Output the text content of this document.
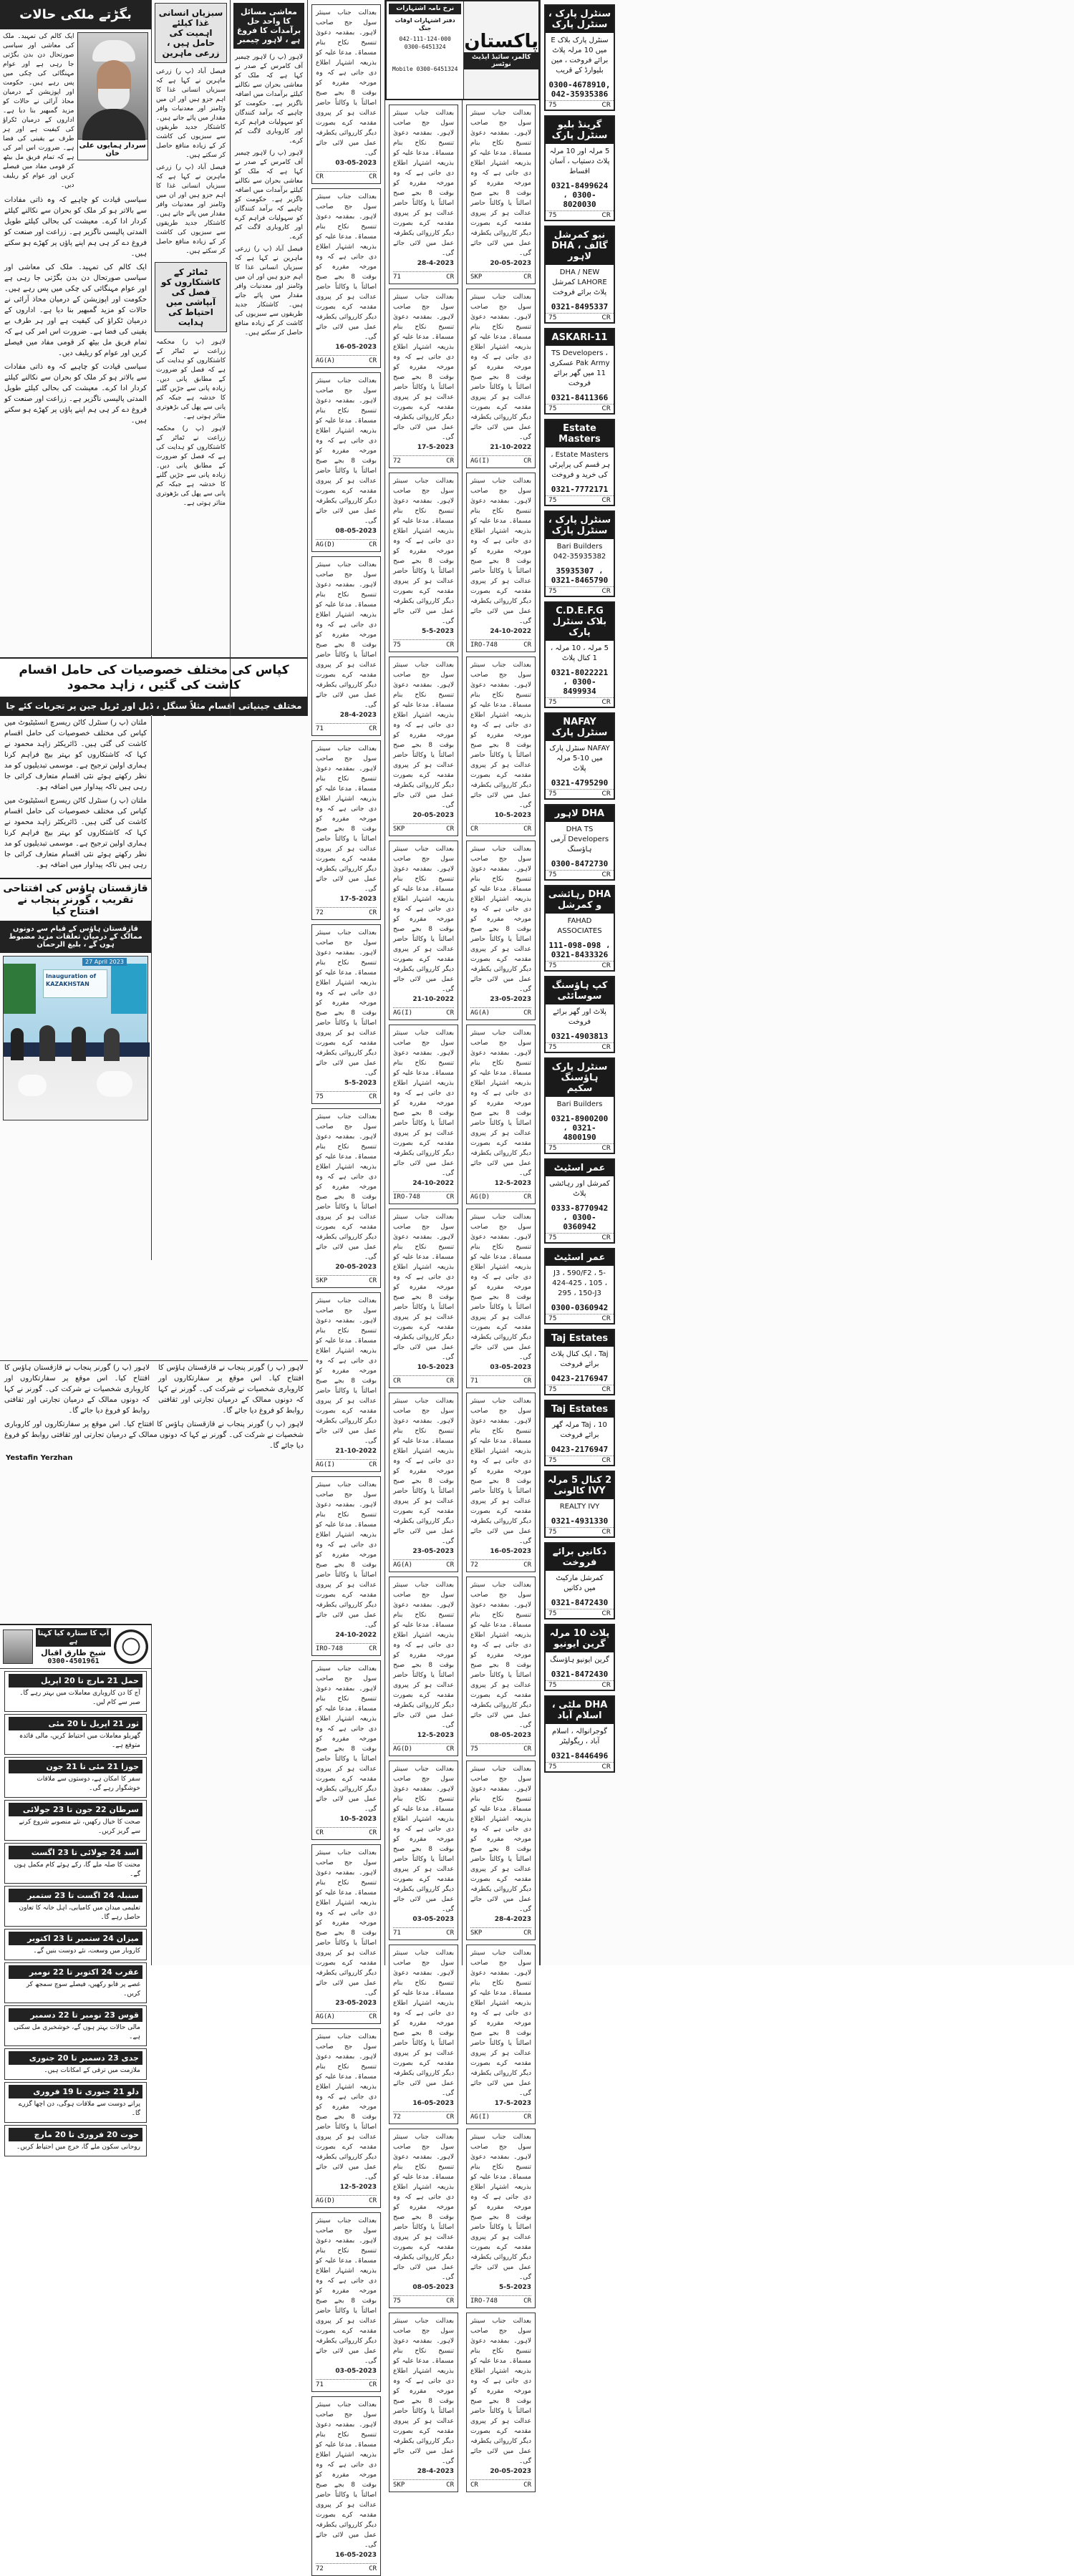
بگڑتے ملکی حالات
ایک کالم کی تمہید۔ ملک کی معاشی اور سیاسی صورتحال دن بدن بگڑتی جا رہی ہے اور عوام مہنگائی کی چکی میں پس رہے ہیں۔ حکومت اور اپوزیشن کے درمیان محاذ آرائی نے حالات کو مزید گمبھیر بنا دیا ہے۔ اداروں کے درمیان ٹکراؤ کی کیفیت ہے اور ہر طرف بے یقینی کی فضا ہے۔ ضرورت اس امر کی ہے کہ تمام فریق مل بیٹھ کر قومی مفاد میں فیصلے کریں اور عوام کو ریلیف دیں۔
سردار ہمایوں علی خان
سیاسی قیادت کو چاہیے کہ وہ ذاتی مفادات سے بالاتر ہو کر ملک کو بحران سے نکالنے کیلئے کردار ادا کرے۔ معیشت کی بحالی کیلئے طویل المدتی پالیسی ناگزیر ہے۔ زراعت اور صنعت کو فروغ دے کر ہی ہم اپنے پاؤں پر کھڑے ہو سکتے ہیں۔
ایک کالم کی تمہید۔ ملک کی معاشی اور سیاسی صورتحال دن بدن بگڑتی جا رہی ہے اور عوام مہنگائی کی چکی میں پس رہے ہیں۔ حکومت اور اپوزیشن کے درمیان محاذ آرائی نے حالات کو مزید گمبھیر بنا دیا ہے۔ اداروں کے درمیان ٹکراؤ کی کیفیت ہے اور ہر طرف بے یقینی کی فضا ہے۔ ضرورت اس امر کی ہے کہ تمام فریق مل بیٹھ کر قومی مفاد میں فیصلے کریں اور عوام کو ریلیف دیں۔
سیاسی قیادت کو چاہیے کہ وہ ذاتی مفادات سے بالاتر ہو کر ملک کو بحران سے نکالنے کیلئے کردار ادا کرے۔ معیشت کی بحالی کیلئے طویل المدتی پالیسی ناگزیر ہے۔ زراعت اور صنعت کو فروغ دے کر ہی ہم اپنے پاؤں پر کھڑے ہو سکتے ہیں۔
کپاس کی مختلف خصوصیات کی حامل اقسام کاشت کی گئیں ، زاہد محمود
مختلف جینیاتی اقسام مثلاً سنگل ، ڈبل اور ٹرپل جین پر تجربات کئے جا
سبزیاں انسانی غذا کیلئے اہمیت کی حامل ہیں ، زرعی ماہرین
فیصل آباد (پ ر) زرعی ماہرین نے کہا ہے کہ سبزیاں انسانی غذا کا اہم جزو ہیں اور ان میں وٹامنز اور معدنیات وافر مقدار میں پائے جاتے ہیں۔ کاشتکار جدید طریقوں سے سبزیوں کی کاشت کر کے زیادہ منافع حاصل کر سکتے ہیں۔
فیصل آباد (پ ر) زرعی ماہرین نے کہا ہے کہ سبزیاں انسانی غذا کا اہم جزو ہیں اور ان میں وٹامنز اور معدنیات وافر مقدار میں پائے جاتے ہیں۔ کاشتکار جدید طریقوں سے سبزیوں کی کاشت کر کے زیادہ منافع حاصل کر سکتے ہیں۔
ٹماٹر کے کاشتکاروں کو فصل کی آبپاشی میں احتیاط کی ہدایت
لاہور (پ ر) محکمہ زراعت نے ٹماٹر کے کاشتکاروں کو ہدایت کی ہے کہ فصل کو ضرورت کے مطابق پانی دیں۔ زیادہ پانی سے جڑیں گلنے کا خدشہ ہے جبکہ کم پانی سے پھل کی بڑھوتری متاثر ہوتی ہے۔
لاہور (پ ر) محکمہ زراعت نے ٹماٹر کے کاشتکاروں کو ہدایت کی ہے کہ فصل کو ضرورت کے مطابق پانی دیں۔ زیادہ پانی سے جڑیں گلنے کا خدشہ ہے جبکہ کم پانی سے پھل کی بڑھوتری متاثر ہوتی ہے۔
معاشی مسائل کا واحد حل برآمدات کا فروغ ہے ، لاہور چیمبر
لاہور (پ ر) لاہور چیمبر آف کامرس کے صدر نے کہا ہے کہ ملک کو معاشی بحران سے نکالنے کیلئے برآمدات میں اضافہ ناگزیر ہے۔ حکومت کو چاہیے کہ برآمد کنندگان کو سہولیات فراہم کرے اور کاروباری لاگت کم کرے۔
لاہور (پ ر) لاہور چیمبر آف کامرس کے صدر نے کہا ہے کہ ملک کو معاشی بحران سے نکالنے کیلئے برآمدات میں اضافہ ناگزیر ہے۔ حکومت کو چاہیے کہ برآمد کنندگان کو سہولیات فراہم کرے اور کاروباری لاگت کم کرے۔
فیصل آباد (پ ر) زرعی ماہرین نے کہا ہے کہ سبزیاں انسانی غذا کا اہم جزو ہیں اور ان میں وٹامنز اور معدنیات وافر مقدار میں پائے جاتے ہیں۔ کاشتکار جدید طریقوں سے سبزیوں کی کاشت کر کے زیادہ منافع حاصل کر سکتے ہیں۔
ملتان (پ ر) سنٹرل کاٹن ریسرچ انسٹیٹیوٹ میں کپاس کی مختلف خصوصیات کی حامل اقسام کاشت کی گئی ہیں۔ ڈائریکٹر زاہد محمود نے کہا کہ کاشتکاروں کو بہتر بیج فراہم کرنا ہماری اولین ترجیح ہے۔ موسمی تبدیلیوں کو مد نظر رکھتے ہوئے نئی اقسام متعارف کرائی جا رہی ہیں تاکہ پیداوار میں اضافہ ہو۔
ملتان (پ ر) سنٹرل کاٹن ریسرچ انسٹیٹیوٹ میں کپاس کی مختلف خصوصیات کی حامل اقسام کاشت کی گئی ہیں۔ ڈائریکٹر زاہد محمود نے کہا کہ کاشتکاروں کو بہتر بیج فراہم کرنا ہماری اولین ترجیح ہے۔ موسمی تبدیلیوں کو مد نظر رکھتے ہوئے نئی اقسام متعارف کرائی جا رہی ہیں تاکہ پیداوار میں اضافہ ہو۔
قازقستان ہاؤس کی افتتاحی تقریب ، گورنر پنجاب نے افتتاح کیا
قازقستان ہاؤس کے قیام سے دونوں ممالک کے درمیان تعلقات مزید مضبوط ہوں گے ، بلیغ الرحمان
Inauguration of KAZAKHSTAN
27 April 2023
لاہور (پ ر) گورنر پنجاب نے قازقستان ہاؤس کا افتتاح کیا۔ اس موقع پر سفارتکاروں اور کاروباری شخصیات نے شرکت کی۔ گورنر نے کہا کہ دونوں ممالک کے درمیان تجارتی اور ثقافتی روابط کو فروغ دیا جائے گا۔
لاہور (پ ر) گورنر پنجاب نے قازقستان ہاؤس کا افتتاح کیا۔ اس موقع پر سفارتکاروں اور کاروباری شخصیات نے شرکت کی۔ گورنر نے کہا کہ دونوں ممالک کے درمیان تجارتی اور ثقافتی روابط کو فروغ دیا جائے گا۔
لاہور (پ ر) گورنر پنجاب نے قازقستان ہاؤس کا افتتاح کیا۔ اس موقع پر سفارتکاروں اور کاروباری شخصیات نے شرکت کی۔ گورنر نے کہا کہ دونوں ممالک کے درمیان تجارتی اور ثقافتی روابط کو فروغ دیا جائے گا۔
Yestafin Yerzhan
آپ کا ستارہ کیا کہتا ہے
شیخ طارق اقبال
0300-4501961
حمل 21 مارچ تا 20 اپریل
آج کا دن کاروباری معاملات میں بہتر رہے گا۔ صبر سے کام لیں۔
ثور 21 اپریل تا 20 مئی
گھریلو معاملات میں احتیاط کریں، مالی فائدہ متوقع ہے۔
جوزا 21 مئی تا 21 جون
سفر کا امکان ہے، دوستوں سے ملاقات خوشگوار رہے گی۔
سرطان 22 جون تا 23 جولائی
صحت کا خیال رکھیں، نئے منصوبے شروع کرنے سے گریز کریں۔
اسد 24 جولائی تا 23 اگست
محنت کا صلہ ملے گا، رکے ہوئے کام مکمل ہوں گے۔
سنبلہ 24 اگست تا 23 ستمبر
تعلیمی میدان میں کامیابی، اہل خانہ کا تعاون حاصل رہے گا۔
میزان 24 ستمبر تا 23 اکتوبر
کاروبار میں وسعت، نئے دوست بنیں گے۔
عقرب 24 اکتوبر تا 22 نومبر
غصے پر قابو رکھیں، فیصلے سوچ سمجھ کر کریں۔
قوس 23 نومبر تا 22 دسمبر
مالی حالات بہتر ہوں گے، خوشخبری مل سکتی ہے۔
جدی 23 دسمبر تا 20 جنوری
ملازمت میں ترقی کے امکانات ہیں۔
دلو 21 جنوری تا 19 فروری
پرانے دوست سے ملاقات ہوگی، دن اچھا گزرے گا۔
حوت 20 فروری تا 20 مارچ
روحانی سکون ملے گا، خرچ میں احتیاط کریں۔
بعدالت جناب سینئر سول جج صاحب لاہور۔ بمقدمہ دعویٰ تنسیخ نکاح بنام مسماۃ۔ مدعا علیہ کو بذریعہ اشتہار اطلاع دی جاتی ہے کہ وہ مورخہ مقررہ کو بوقت 8 بجے صبح اصالتاً یا وکالتاً حاضر عدالت ہو کر پیروی مقدمہ کرے بصورت دیگر کارروائی یکطرفہ عمل میں لائی جائے گی۔
03-05-2023
CR	CR
بعدالت جناب سینئر سول جج صاحب لاہور۔ بمقدمہ دعویٰ تنسیخ نکاح بنام مسماۃ۔ مدعا علیہ کو بذریعہ اشتہار اطلاع دی جاتی ہے کہ وہ مورخہ مقررہ کو بوقت 8 بجے صبح اصالتاً یا وکالتاً حاضر عدالت ہو کر پیروی مقدمہ کرے بصورت دیگر کارروائی یکطرفہ عمل میں لائی جائے گی۔
16-05-2023
AG(A)	CR
بعدالت جناب سینئر سول جج صاحب لاہور۔ بمقدمہ دعویٰ تنسیخ نکاح بنام مسماۃ۔ مدعا علیہ کو بذریعہ اشتہار اطلاع دی جاتی ہے کہ وہ مورخہ مقررہ کو بوقت 8 بجے صبح اصالتاً یا وکالتاً حاضر عدالت ہو کر پیروی مقدمہ کرے بصورت دیگر کارروائی یکطرفہ عمل میں لائی جائے گی۔
08-05-2023
AG(D)	CR
بعدالت جناب سینئر سول جج صاحب لاہور۔ بمقدمہ دعویٰ تنسیخ نکاح بنام مسماۃ۔ مدعا علیہ کو بذریعہ اشتہار اطلاع دی جاتی ہے کہ وہ مورخہ مقررہ کو بوقت 8 بجے صبح اصالتاً یا وکالتاً حاضر عدالت ہو کر پیروی مقدمہ کرے بصورت دیگر کارروائی یکطرفہ عمل میں لائی جائے گی۔
28-4-2023
71	CR
بعدالت جناب سینئر سول جج صاحب لاہور۔ بمقدمہ دعویٰ تنسیخ نکاح بنام مسماۃ۔ مدعا علیہ کو بذریعہ اشتہار اطلاع دی جاتی ہے کہ وہ مورخہ مقررہ کو بوقت 8 بجے صبح اصالتاً یا وکالتاً حاضر عدالت ہو کر پیروی مقدمہ کرے بصورت دیگر کارروائی یکطرفہ عمل میں لائی جائے گی۔
17-5-2023
72	CR
بعدالت جناب سینئر سول جج صاحب لاہور۔ بمقدمہ دعویٰ تنسیخ نکاح بنام مسماۃ۔ مدعا علیہ کو بذریعہ اشتہار اطلاع دی جاتی ہے کہ وہ مورخہ مقررہ کو بوقت 8 بجے صبح اصالتاً یا وکالتاً حاضر عدالت ہو کر پیروی مقدمہ کرے بصورت دیگر کارروائی یکطرفہ عمل میں لائی جائے گی۔
5-5-2023
75	CR
بعدالت جناب سینئر سول جج صاحب لاہور۔ بمقدمہ دعویٰ تنسیخ نکاح بنام مسماۃ۔ مدعا علیہ کو بذریعہ اشتہار اطلاع دی جاتی ہے کہ وہ مورخہ مقررہ کو بوقت 8 بجے صبح اصالتاً یا وکالتاً حاضر عدالت ہو کر پیروی مقدمہ کرے بصورت دیگر کارروائی یکطرفہ عمل میں لائی جائے گی۔
20-05-2023
SKP	CR
بعدالت جناب سینئر سول جج صاحب لاہور۔ بمقدمہ دعویٰ تنسیخ نکاح بنام مسماۃ۔ مدعا علیہ کو بذریعہ اشتہار اطلاع دی جاتی ہے کہ وہ مورخہ مقررہ کو بوقت 8 بجے صبح اصالتاً یا وکالتاً حاضر عدالت ہو کر پیروی مقدمہ کرے بصورت دیگر کارروائی یکطرفہ عمل میں لائی جائے گی۔
21-10-2022
AG(I)	CR
بعدالت جناب سینئر سول جج صاحب لاہور۔ بمقدمہ دعویٰ تنسیخ نکاح بنام مسماۃ۔ مدعا علیہ کو بذریعہ اشتہار اطلاع دی جاتی ہے کہ وہ مورخہ مقررہ کو بوقت 8 بجے صبح اصالتاً یا وکالتاً حاضر عدالت ہو کر پیروی مقدمہ کرے بصورت دیگر کارروائی یکطرفہ عمل میں لائی جائے گی۔
24-10-2022
IRO-748	CR
بعدالت جناب سینئر سول جج صاحب لاہور۔ بمقدمہ دعویٰ تنسیخ نکاح بنام مسماۃ۔ مدعا علیہ کو بذریعہ اشتہار اطلاع دی جاتی ہے کہ وہ مورخہ مقررہ کو بوقت 8 بجے صبح اصالتاً یا وکالتاً حاضر عدالت ہو کر پیروی مقدمہ کرے بصورت دیگر کارروائی یکطرفہ عمل میں لائی جائے گی۔
10-5-2023
CR	CR
بعدالت جناب سینئر سول جج صاحب لاہور۔ بمقدمہ دعویٰ تنسیخ نکاح بنام مسماۃ۔ مدعا علیہ کو بذریعہ اشتہار اطلاع دی جاتی ہے کہ وہ مورخہ مقررہ کو بوقت 8 بجے صبح اصالتاً یا وکالتاً حاضر عدالت ہو کر پیروی مقدمہ کرے بصورت دیگر کارروائی یکطرفہ عمل میں لائی جائے گی۔
23-05-2023
AG(A)	CR
بعدالت جناب سینئر سول جج صاحب لاہور۔ بمقدمہ دعویٰ تنسیخ نکاح بنام مسماۃ۔ مدعا علیہ کو بذریعہ اشتہار اطلاع دی جاتی ہے کہ وہ مورخہ مقررہ کو بوقت 8 بجے صبح اصالتاً یا وکالتاً حاضر عدالت ہو کر پیروی مقدمہ کرے بصورت دیگر کارروائی یکطرفہ عمل میں لائی جائے گی۔
12-5-2023
AG(D)	CR
بعدالت جناب سینئر سول جج صاحب لاہور۔ بمقدمہ دعویٰ تنسیخ نکاح بنام مسماۃ۔ مدعا علیہ کو بذریعہ اشتہار اطلاع دی جاتی ہے کہ وہ مورخہ مقررہ کو بوقت 8 بجے صبح اصالتاً یا وکالتاً حاضر عدالت ہو کر پیروی مقدمہ کرے بصورت دیگر کارروائی یکطرفہ عمل میں لائی جائے گی۔
03-05-2023
71	CR
بعدالت جناب سینئر سول جج صاحب لاہور۔ بمقدمہ دعویٰ تنسیخ نکاح بنام مسماۃ۔ مدعا علیہ کو بذریعہ اشتہار اطلاع دی جاتی ہے کہ وہ مورخہ مقررہ کو بوقت 8 بجے صبح اصالتاً یا وکالتاً حاضر عدالت ہو کر پیروی مقدمہ کرے بصورت دیگر کارروائی یکطرفہ عمل میں لائی جائے گی۔
16-05-2023
72	CR
بعدالت جناب سینئر سول جج صاحب لاہور۔ بمقدمہ دعویٰ تنسیخ نکاح بنام مسماۃ۔ مدعا علیہ کو بذریعہ اشتہار اطلاع دی جاتی ہے کہ وہ مورخہ مقررہ کو بوقت 8 بجے صبح اصالتاً یا وکالتاً حاضر عدالت ہو کر پیروی مقدمہ کرے بصورت دیگر کارروائی یکطرفہ عمل میں لائی جائے گی۔
28-4-2023
71	CR
بعدالت جناب سینئر سول جج صاحب لاہور۔ بمقدمہ دعویٰ تنسیخ نکاح بنام مسماۃ۔ مدعا علیہ کو بذریعہ اشتہار اطلاع دی جاتی ہے کہ وہ مورخہ مقررہ کو بوقت 8 بجے صبح اصالتاً یا وکالتاً حاضر عدالت ہو کر پیروی مقدمہ کرے بصورت دیگر کارروائی یکطرفہ عمل میں لائی جائے گی۔
17-5-2023
72	CR
بعدالت جناب سینئر سول جج صاحب لاہور۔ بمقدمہ دعویٰ تنسیخ نکاح بنام مسماۃ۔ مدعا علیہ کو بذریعہ اشتہار اطلاع دی جاتی ہے کہ وہ مورخہ مقررہ کو بوقت 8 بجے صبح اصالتاً یا وکالتاً حاضر عدالت ہو کر پیروی مقدمہ کرے بصورت دیگر کارروائی یکطرفہ عمل میں لائی جائے گی۔
5-5-2023
75	CR
بعدالت جناب سینئر سول جج صاحب لاہور۔ بمقدمہ دعویٰ تنسیخ نکاح بنام مسماۃ۔ مدعا علیہ کو بذریعہ اشتہار اطلاع دی جاتی ہے کہ وہ مورخہ مقررہ کو بوقت 8 بجے صبح اصالتاً یا وکالتاً حاضر عدالت ہو کر پیروی مقدمہ کرے بصورت دیگر کارروائی یکطرفہ عمل میں لائی جائے گی۔
20-05-2023
SKP	CR
بعدالت جناب سینئر سول جج صاحب لاہور۔ بمقدمہ دعویٰ تنسیخ نکاح بنام مسماۃ۔ مدعا علیہ کو بذریعہ اشتہار اطلاع دی جاتی ہے کہ وہ مورخہ مقررہ کو بوقت 8 بجے صبح اصالتاً یا وکالتاً حاضر عدالت ہو کر پیروی مقدمہ کرے بصورت دیگر کارروائی یکطرفہ عمل میں لائی جائے گی۔
21-10-2022
AG(I)	CR
بعدالت جناب سینئر سول جج صاحب لاہور۔ بمقدمہ دعویٰ تنسیخ نکاح بنام مسماۃ۔ مدعا علیہ کو بذریعہ اشتہار اطلاع دی جاتی ہے کہ وہ مورخہ مقررہ کو بوقت 8 بجے صبح اصالتاً یا وکالتاً حاضر عدالت ہو کر پیروی مقدمہ کرے بصورت دیگر کارروائی یکطرفہ عمل میں لائی جائے گی۔
24-10-2022
IRO-748	CR
بعدالت جناب سینئر سول جج صاحب لاہور۔ بمقدمہ دعویٰ تنسیخ نکاح بنام مسماۃ۔ مدعا علیہ کو بذریعہ اشتہار اطلاع دی جاتی ہے کہ وہ مورخہ مقررہ کو بوقت 8 بجے صبح اصالتاً یا وکالتاً حاضر عدالت ہو کر پیروی مقدمہ کرے بصورت دیگر کارروائی یکطرفہ عمل میں لائی جائے گی۔
10-5-2023
CR	CR
بعدالت جناب سینئر سول جج صاحب لاہور۔ بمقدمہ دعویٰ تنسیخ نکاح بنام مسماۃ۔ مدعا علیہ کو بذریعہ اشتہار اطلاع دی جاتی ہے کہ وہ مورخہ مقررہ کو بوقت 8 بجے صبح اصالتاً یا وکالتاً حاضر عدالت ہو کر پیروی مقدمہ کرے بصورت دیگر کارروائی یکطرفہ عمل میں لائی جائے گی۔
23-05-2023
AG(A)	CR
بعدالت جناب سینئر سول جج صاحب لاہور۔ بمقدمہ دعویٰ تنسیخ نکاح بنام مسماۃ۔ مدعا علیہ کو بذریعہ اشتہار اطلاع دی جاتی ہے کہ وہ مورخہ مقررہ کو بوقت 8 بجے صبح اصالتاً یا وکالتاً حاضر عدالت ہو کر پیروی مقدمہ کرے بصورت دیگر کارروائی یکطرفہ عمل میں لائی جائے گی۔
12-5-2023
AG(D)	CR
بعدالت جناب سینئر سول جج صاحب لاہور۔ بمقدمہ دعویٰ تنسیخ نکاح بنام مسماۃ۔ مدعا علیہ کو بذریعہ اشتہار اطلاع دی جاتی ہے کہ وہ مورخہ مقررہ کو بوقت 8 بجے صبح اصالتاً یا وکالتاً حاضر عدالت ہو کر پیروی مقدمہ کرے بصورت دیگر کارروائی یکطرفہ عمل میں لائی جائے گی۔
03-05-2023
71	CR
بعدالت جناب سینئر سول جج صاحب لاہور۔ بمقدمہ دعویٰ تنسیخ نکاح بنام مسماۃ۔ مدعا علیہ کو بذریعہ اشتہار اطلاع دی جاتی ہے کہ وہ مورخہ مقررہ کو بوقت 8 بجے صبح اصالتاً یا وکالتاً حاضر عدالت ہو کر پیروی مقدمہ کرے بصورت دیگر کارروائی یکطرفہ عمل میں لائی جائے گی۔
16-05-2023
72	CR
بعدالت جناب سینئر سول جج صاحب لاہور۔ بمقدمہ دعویٰ تنسیخ نکاح بنام مسماۃ۔ مدعا علیہ کو بذریعہ اشتہار اطلاع دی جاتی ہے کہ وہ مورخہ مقررہ کو بوقت 8 بجے صبح اصالتاً یا وکالتاً حاضر عدالت ہو کر پیروی مقدمہ کرے بصورت دیگر کارروائی یکطرفہ عمل میں لائی جائے گی۔
08-05-2023
75	CR
بعدالت جناب سینئر سول جج صاحب لاہور۔ بمقدمہ دعویٰ تنسیخ نکاح بنام مسماۃ۔ مدعا علیہ کو بذریعہ اشتہار اطلاع دی جاتی ہے کہ وہ مورخہ مقررہ کو بوقت 8 بجے صبح اصالتاً یا وکالتاً حاضر عدالت ہو کر پیروی مقدمہ کرے بصورت دیگر کارروائی یکطرفہ عمل میں لائی جائے گی۔
28-4-2023
SKP	CR
بعدالت جناب سینئر سول جج صاحب لاہور۔ بمقدمہ دعویٰ تنسیخ نکاح بنام مسماۃ۔ مدعا علیہ کو بذریعہ اشتہار اطلاع دی جاتی ہے کہ وہ مورخہ مقررہ کو بوقت 8 بجے صبح اصالتاً یا وکالتاً حاضر عدالت ہو کر پیروی مقدمہ کرے بصورت دیگر کارروائی یکطرفہ عمل میں لائی جائے گی۔
20-05-2023
SKP	CR
بعدالت جناب سینئر سول جج صاحب لاہور۔ بمقدمہ دعویٰ تنسیخ نکاح بنام مسماۃ۔ مدعا علیہ کو بذریعہ اشتہار اطلاع دی جاتی ہے کہ وہ مورخہ مقررہ کو بوقت 8 بجے صبح اصالتاً یا وکالتاً حاضر عدالت ہو کر پیروی مقدمہ کرے بصورت دیگر کارروائی یکطرفہ عمل میں لائی جائے گی۔
21-10-2022
AG(I)	CR
بعدالت جناب سینئر سول جج صاحب لاہور۔ بمقدمہ دعویٰ تنسیخ نکاح بنام مسماۃ۔ مدعا علیہ کو بذریعہ اشتہار اطلاع دی جاتی ہے کہ وہ مورخہ مقررہ کو بوقت 8 بجے صبح اصالتاً یا وکالتاً حاضر عدالت ہو کر پیروی مقدمہ کرے بصورت دیگر کارروائی یکطرفہ عمل میں لائی جائے گی۔
24-10-2022
IRO-748	CR
بعدالت جناب سینئر سول جج صاحب لاہور۔ بمقدمہ دعویٰ تنسیخ نکاح بنام مسماۃ۔ مدعا علیہ کو بذریعہ اشتہار اطلاع دی جاتی ہے کہ وہ مورخہ مقررہ کو بوقت 8 بجے صبح اصالتاً یا وکالتاً حاضر عدالت ہو کر پیروی مقدمہ کرے بصورت دیگر کارروائی یکطرفہ عمل میں لائی جائے گی۔
10-5-2023
CR	CR
بعدالت جناب سینئر سول جج صاحب لاہور۔ بمقدمہ دعویٰ تنسیخ نکاح بنام مسماۃ۔ مدعا علیہ کو بذریعہ اشتہار اطلاع دی جاتی ہے کہ وہ مورخہ مقررہ کو بوقت 8 بجے صبح اصالتاً یا وکالتاً حاضر عدالت ہو کر پیروی مقدمہ کرے بصورت دیگر کارروائی یکطرفہ عمل میں لائی جائے گی۔
23-05-2023
AG(A)	CR
بعدالت جناب سینئر سول جج صاحب لاہور۔ بمقدمہ دعویٰ تنسیخ نکاح بنام مسماۃ۔ مدعا علیہ کو بذریعہ اشتہار اطلاع دی جاتی ہے کہ وہ مورخہ مقررہ کو بوقت 8 بجے صبح اصالتاً یا وکالتاً حاضر عدالت ہو کر پیروی مقدمہ کرے بصورت دیگر کارروائی یکطرفہ عمل میں لائی جائے گی۔
12-5-2023
AG(D)	CR
بعدالت جناب سینئر سول جج صاحب لاہور۔ بمقدمہ دعویٰ تنسیخ نکاح بنام مسماۃ۔ مدعا علیہ کو بذریعہ اشتہار اطلاع دی جاتی ہے کہ وہ مورخہ مقررہ کو بوقت 8 بجے صبح اصالتاً یا وکالتاً حاضر عدالت ہو کر پیروی مقدمہ کرے بصورت دیگر کارروائی یکطرفہ عمل میں لائی جائے گی۔
03-05-2023
71	CR
بعدالت جناب سینئر سول جج صاحب لاہور۔ بمقدمہ دعویٰ تنسیخ نکاح بنام مسماۃ۔ مدعا علیہ کو بذریعہ اشتہار اطلاع دی جاتی ہے کہ وہ مورخہ مقررہ کو بوقت 8 بجے صبح اصالتاً یا وکالتاً حاضر عدالت ہو کر پیروی مقدمہ کرے بصورت دیگر کارروائی یکطرفہ عمل میں لائی جائے گی۔
16-05-2023
72	CR
بعدالت جناب سینئر سول جج صاحب لاہور۔ بمقدمہ دعویٰ تنسیخ نکاح بنام مسماۃ۔ مدعا علیہ کو بذریعہ اشتہار اطلاع دی جاتی ہے کہ وہ مورخہ مقررہ کو بوقت 8 بجے صبح اصالتاً یا وکالتاً حاضر عدالت ہو کر پیروی مقدمہ کرے بصورت دیگر کارروائی یکطرفہ عمل میں لائی جائے گی۔
08-05-2023
75	CR
بعدالت جناب سینئر سول جج صاحب لاہور۔ بمقدمہ دعویٰ تنسیخ نکاح بنام مسماۃ۔ مدعا علیہ کو بذریعہ اشتہار اطلاع دی جاتی ہے کہ وہ مورخہ مقررہ کو بوقت 8 بجے صبح اصالتاً یا وکالتاً حاضر عدالت ہو کر پیروی مقدمہ کرے بصورت دیگر کارروائی یکطرفہ عمل میں لائی جائے گی۔
28-4-2023
SKP	CR
بعدالت جناب سینئر سول جج صاحب لاہور۔ بمقدمہ دعویٰ تنسیخ نکاح بنام مسماۃ۔ مدعا علیہ کو بذریعہ اشتہار اطلاع دی جاتی ہے کہ وہ مورخہ مقررہ کو بوقت 8 بجے صبح اصالتاً یا وکالتاً حاضر عدالت ہو کر پیروی مقدمہ کرے بصورت دیگر کارروائی یکطرفہ عمل میں لائی جائے گی۔
17-5-2023
AG(I)	CR
بعدالت جناب سینئر سول جج صاحب لاہور۔ بمقدمہ دعویٰ تنسیخ نکاح بنام مسماۃ۔ مدعا علیہ کو بذریعہ اشتہار اطلاع دی جاتی ہے کہ وہ مورخہ مقررہ کو بوقت 8 بجے صبح اصالتاً یا وکالتاً حاضر عدالت ہو کر پیروی مقدمہ کرے بصورت دیگر کارروائی یکطرفہ عمل میں لائی جائے گی۔
5-5-2023
IRO-748	CR
بعدالت جناب سینئر سول جج صاحب لاہور۔ بمقدمہ دعویٰ تنسیخ نکاح بنام مسماۃ۔ مدعا علیہ کو بذریعہ اشتہار اطلاع دی جاتی ہے کہ وہ مورخہ مقررہ کو بوقت 8 بجے صبح اصالتاً یا وکالتاً حاضر عدالت ہو کر پیروی مقدمہ کرے بصورت دیگر کارروائی یکطرفہ عمل میں لائی جائے گی۔
20-05-2023
CR	CR
نرخ نامہ اشتہارات
دفتر اشتہارات اوقات جنگ
042-111-124-000
0300-6451324
Mobile 0300-6451324
پاکستان
کالمز، سائیڈ ایڈیٹ نوٹسز
سنٹرل پارک ، سنٹرل پارک
سنٹرل پارک بلاک E میں 10 مرلہ پلاٹ برائے فروخت ، مین بلیوارڈ کے قریب
0300-4678910, 042-35935386
75	CR
گرینڈ بلیو سنٹرل پارک
5 مرلہ اور 10 مرلہ پلاٹ دستیاب ، آسان اقساط
0321-8499624 ، 0300-8020030
75	CR
نیو کمرشل گالف ، DHA لاہور
DHA / NEW LAHORE کمرشل پلاٹ برائے فروخت
0321-8495337
75	CR
ASKARI-11
TS Developers ، Pak Army عسکری 11 میں گھر برائے فروخت
0321-8411366
75	CR
Estate Masters
Estate Masters ، ہر قسم کی پراپرٹی کی خرید و فروخت
0321-7772171
75	CR
سنٹرل پارک ، سنٹرل پارک
Bari Builders 042-35935382
35935307 ، 0321-8465790
75	CR
C.D.E.F.G بلاک سنٹرل پارک
5 مرلہ ، 10 مرلہ ، 1 کنال پلاٹ
0321-8022221 ، 0300-8499934
75	CR
NAFAY سنٹرل پارک
NAFAY سنٹرل پارک میں 10-5 مرلہ پلاٹ
0321-4795290
75	CR
DHA لاہور
DHA TS Developers آرمی ہاؤسنگ
0300-8472730
75	CR
DHA رہائشی و کمرشل
FAHAD ASSOCIATES
111-098-098 ، 0321-8433326
75	CR
کپ ہاؤسنگ سوسائٹی
پلاٹ اور گھر برائے فروخت
0321-4903813
75	CR
سنٹرل پارک ہاؤسنگ سکیم
Bari Builders
0321-8900200 ، 0321-4800190
75	CR
عمر اسٹیٹ
کمرشل اور رہائشی پلاٹ
0333-8770942 ، 0300-0360942
75	CR
عمر اسٹیٹ
J3 ، 590/F2 ، 5-424-425 ، 105 ، 295 ، 150-J3
0300-0360942
75	CR
Taj Estates
Taj ، ایک کنال پلاٹ برائے فروخت
0423-2176947
75	CR
Taj Estates
Taj ، 10 مرلہ گھر برائے فروخت
0423-2176947
75	CR
2 کنال 5 مرلہ IVY کالونی
REALTY IVY
0321-4931330
75	CR
دکانیں برائے فروخت
کمرشل مارکیٹ میں دکانیں
0321-8472430
75	CR
پلاٹ 10 مرلہ گرین ایونیو
گرین ایونیو ہاؤسنگ
0321-8472430
75	CR
DHA ملٹی ، اسلام آباد
گوجرانوالہ ، اسلام آباد ، ریگولیٹر
0321-8446496
75	CR
